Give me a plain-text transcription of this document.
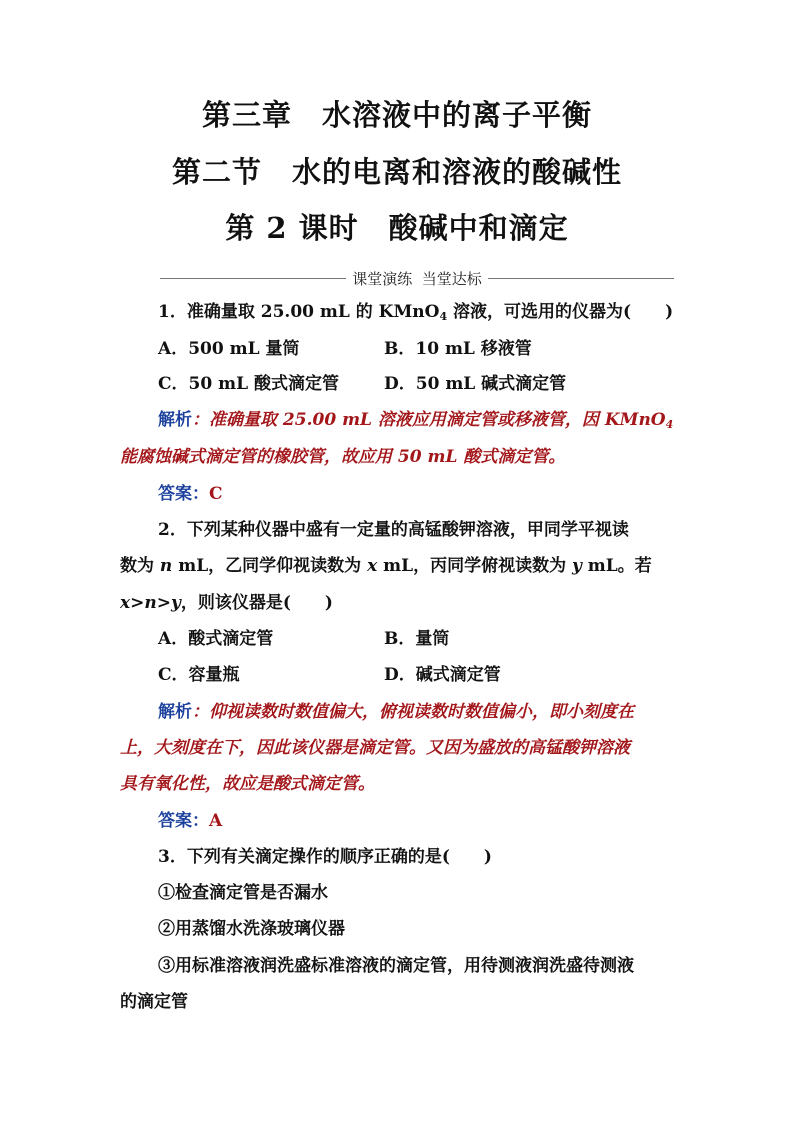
第三章　水溶液中的离子平衡
第二节　水的电离和溶液的酸碱性
第 2 课时　酸碱中和滴定
课堂演练  当堂达标
1．准确量取 25.00 mL 的 KMnO$_4$ 溶液，可选用的仪器为(　　)
A．500 mL 量筒	B．10 mL 移液管
C．50 mL 酸式滴定管	D．50 mL 碱式滴定管
解析：准确量取 25.00 mL 溶液应用滴定管或移液管，因 KMnO$_4$
能腐蚀碱式滴定管的橡胶管，故应用 50 mL 酸式滴定管。
答案：C
2．下列某种仪器中盛有一定量的高锰酸钾溶液，甲同学平视读
数为 n mL，乙同学仰视读数为 x mL，丙同学俯视读数为 y mL。若
x>n>y，则该仪器是(　　)
A．酸式滴定管	B．量筒
C．容量瓶	D．碱式滴定管
解析：仰视读数时数值偏大，俯视读数时数值偏小，即小刻度在
上，大刻度在下，因此该仪器是滴定管。又因为盛放的高锰酸钾溶液
具有氧化性，故应是酸式滴定管。
答案：A
3．下列有关滴定操作的顺序正确的是(　　)
①检查滴定管是否漏水
②用蒸馏水洗涤玻璃仪器
③用标准溶液润洗盛标准溶液的滴定管，用待测液润洗盛待测液
的滴定管
